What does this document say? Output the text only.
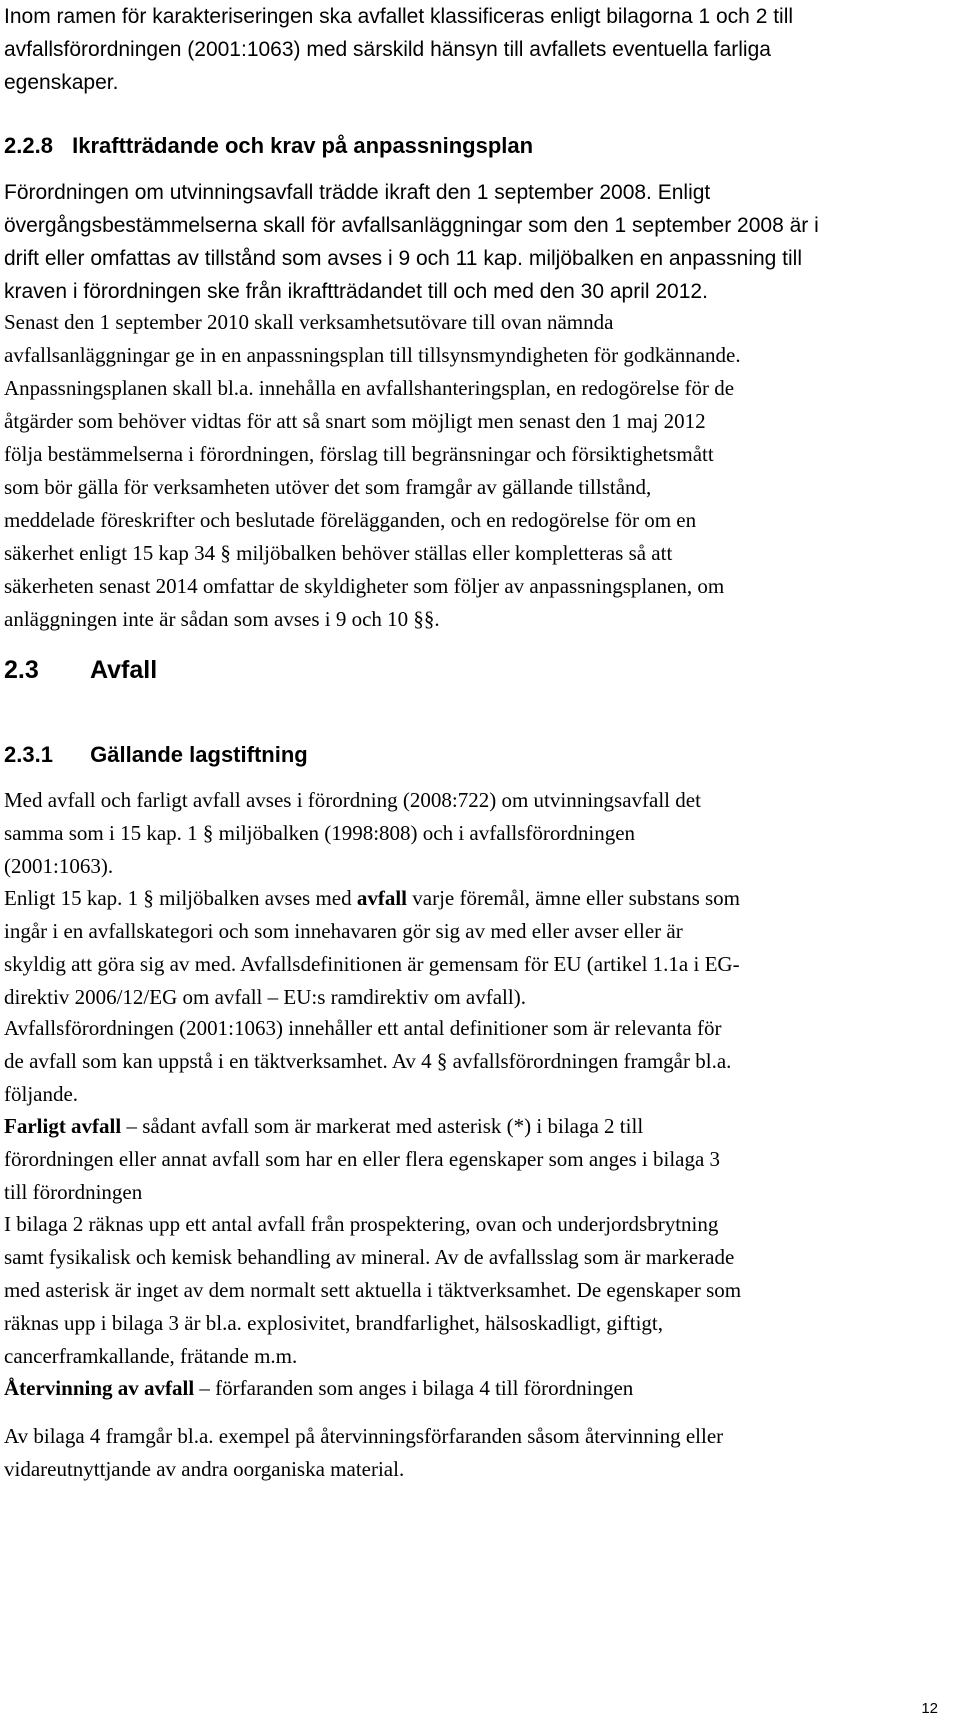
Inom ramen för karakteriseringen ska avfallet klassificeras enligt bilagorna 1 och 2 till
avfallsförordningen (2001:1063) med särskild hänsyn till avfallets eventuella farliga
egenskaper.
2.2.8 Ikraftträdande och krav på anpassningsplan
Förordningen om utvinningsavfall trädde ikraft den 1 september 2008. Enligt
övergångsbestämmelserna skall för avfallsanläggningar som den 1 september 2008 är i
drift eller omfattas av tillstånd som avses i 9 och 11 kap. miljöbalken en anpassning till
kraven i förordningen ske från ikraftträdandet till och med den 30 april 2012.
Senast den 1 september 2010 skall verksamhetsutövare till ovan nämnda
avfallsanläggningar ge in en anpassningsplan till tillsynsmyndigheten för godkännande.
Anpassningsplanen skall bl.a. innehålla en avfallshanteringsplan, en redogörelse för de
åtgärder som behöver vidtas för att så snart som möjligt men senast den 1 maj 2012
följa bestämmelserna i förordningen, förslag till begränsningar och försiktighetsmått
som bör gälla för verksamheten utöver det som framgår av gällande tillstånd,
meddelade föreskrifter och beslutade förelägganden, och en redogörelse för om en
säkerhet enligt 15 kap 34 § miljöbalken behöver ställas eller kompletteras så att
säkerheten senast 2014 omfattar de skyldigheter som följer av anpassningsplanen, om
anläggningen inte är sådan som avses i 9 och 10 §§.
2.3 Avfall
2.3.1 Gällande lagstiftning
Med avfall och farligt avfall avses i förordning (2008:722) om utvinningsavfall det
samma som i 15 kap. 1 § miljöbalken (1998:808) och i avfallsförordningen
(2001:1063).
Enligt 15 kap. 1 § miljöbalken avses med avfall varje föremål, ämne eller substans som
ingår i en avfallskategori och som innehavaren gör sig av med eller avser eller är
skyldig att göra sig av med. Avfallsdefinitionen är gemensam för EU (artikel 1.1a i EG-
direktiv 2006/12/EG om avfall – EU:s ramdirektiv om avfall).
Avfallsförordningen (2001:1063) innehåller ett antal definitioner som är relevanta för
de avfall som kan uppstå i en täktverksamhet. Av 4 § avfallsförordningen framgår bl.a.
följande.
Farligt avfall – sådant avfall som är markerat med asterisk (*) i bilaga 2 till
förordningen eller annat avfall som har en eller flera egenskaper som anges i bilaga 3
till förordningen
I bilaga 2 räknas upp ett antal avfall från prospektering, ovan och underjordsbrytning
samt fysikalisk och kemisk behandling av mineral. Av de avfallsslag som är markerade
med asterisk är inget av dem normalt sett aktuella i täktverksamhet. De egenskaper som
räknas upp i bilaga 3 är bl.a. explosivitet, brandfarlighet, hälsoskadligt, giftigt,
cancerframkallande, frätande m.m.
Återvinning av avfall – förfaranden som anges i bilaga 4 till förordningen
Av bilaga 4 framgår bl.a. exempel på återvinningsförfaranden såsom återvinning eller
vidareutnyttjande av andra oorganiska material.
12
